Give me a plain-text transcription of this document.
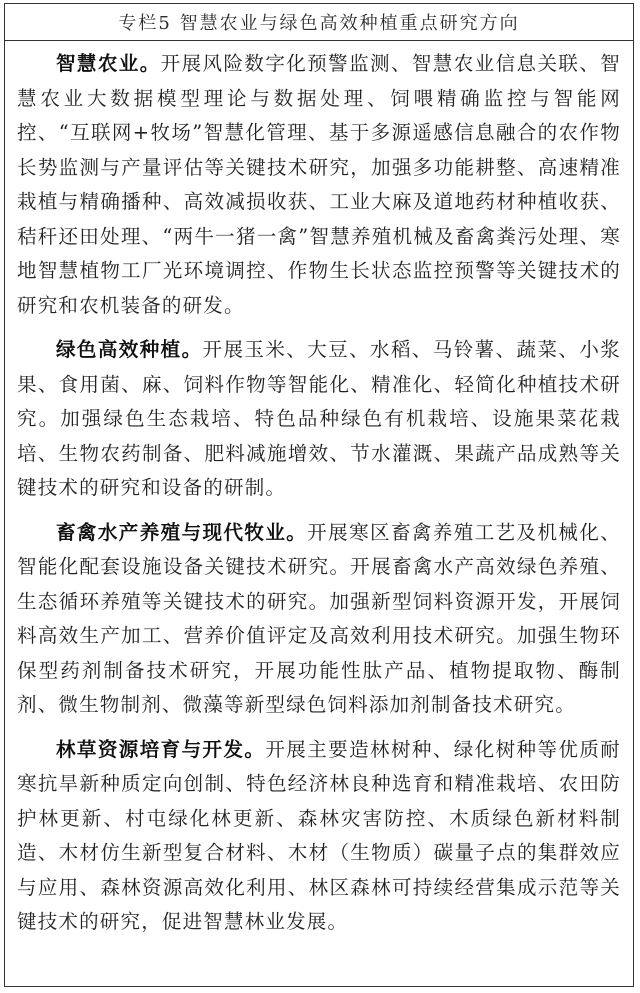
专栏5 智慧农业与绿色高效种植重点研究方向

智慧农业。开展风险数字化预警监测、智慧农业信息关联、智慧农业大数据模型理论与数据处理、饲喂精确监控与智能网控、“互联网+牧场”智慧化管理、基于多源遥感信息融合的农作物长势监测与产量评估等关键技术研究，加强多功能耕整、高速精准栽植与精确播种、高效减损收获、工业大麻及道地药材种植收获、秸秆还田处理、“两牛一猪一禽”智慧养殖机械及畜禽粪污处理、寒地智慧植物工厂光环境调控、作物生长状态监控预警等关键技术的研究和农机装备的研发。

绿色高效种植。开展玉米、大豆、水稻、马铃薯、蔬菜、小浆果、食用菌、麻、饲料作物等智能化、精准化、轻简化种植技术研究。加强绿色生态栽培、特色品种绿色有机栽培、设施果菜花栽培、生物农药制备、肥料减施增效、节水灌溉、果蔬产品成熟等关键技术的研究和设备的研制。

畜禽水产养殖与现代牧业。开展寒区畜禽养殖工艺及机械化、智能化配套设施设备关键技术研究。开展畜禽水产高效绿色养殖、生态循环养殖等关键技术的研究。加强新型饲料资源开发，开展饲料高效生产加工、营养价值评定及高效利用技术研究。加强生物环保型药剂制备技术研究，开展功能性肽产品、植物提取物、酶制剂、微生物制剂、微藻等新型绿色饲料添加剂制备技术研究。

林草资源培育与开发。开展主要造林树种、绿化树种等优质耐寒抗旱新种质定向创制、特色经济林良种选育和精准栽培、农田防护林更新、村屯绿化林更新、森林灾害防控、木质绿色新材料制造、木材仿生新型复合材料、木材（生物质）碳量子点的集群效应与应用、森林资源高效化利用、林区森林可持续经营集成示范等关键技术的研究，促进智慧林业发展。
